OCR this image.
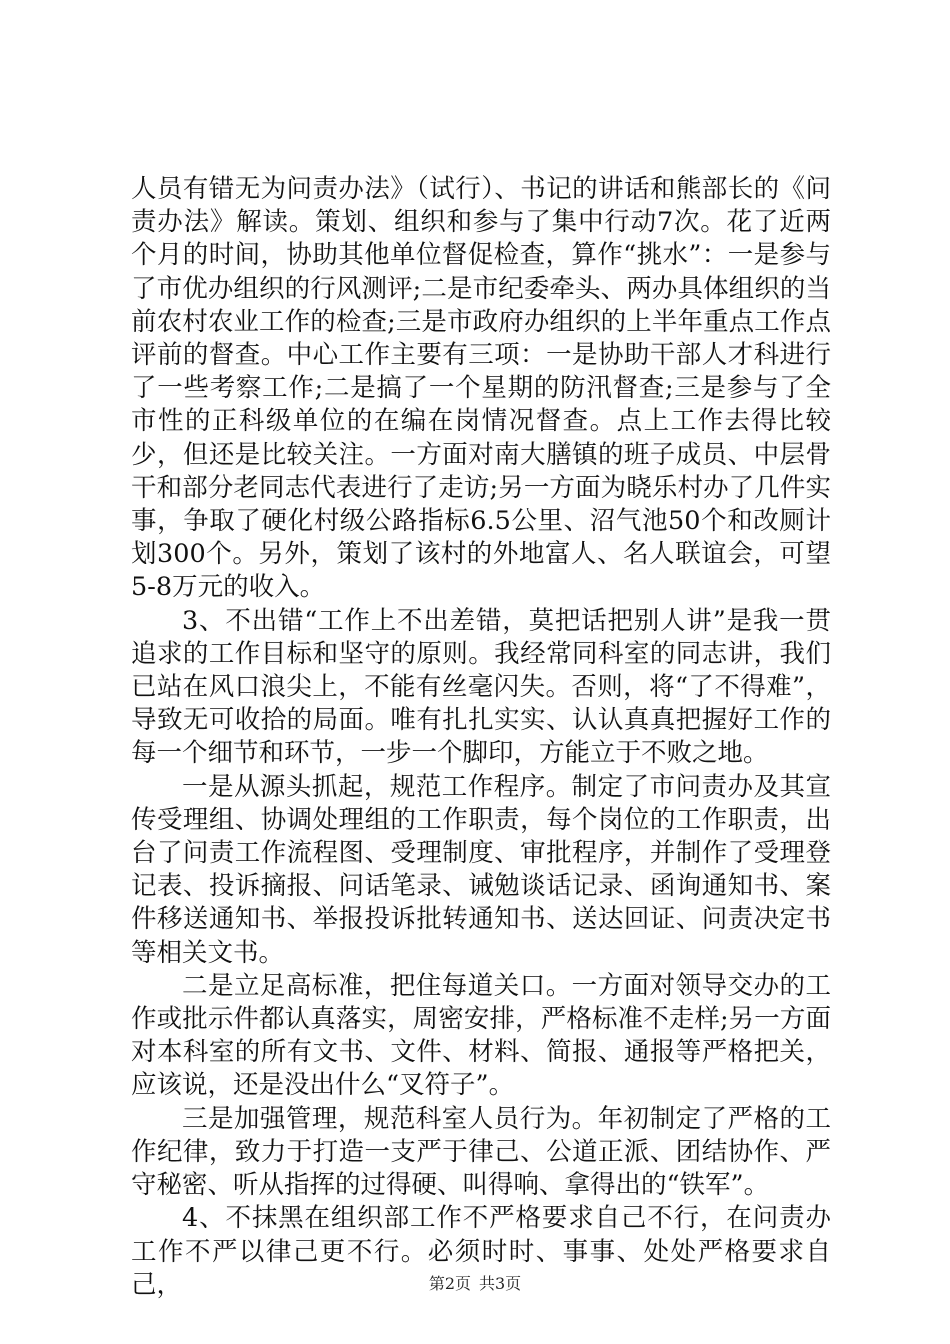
人员有错无为问责办法》（试行）、书记的讲话和熊部长的《问责办法》解读。策划、组织和参与了集中行动7次。花了近两个月的时间，协助其他单位督促检查，算作“挑水”：一是参与了市优办组织的行风测评;二是市纪委牵头、两办具体组织的当前农村农业工作的检查;三是市政府办组织的上半年重点工作点评前的督查。中心工作主要有三项：一是协助干部人才科进行了一些考察工作;二是搞了一个星期的防汛督查;三是参与了全市性的正科级单位的在编在岗情况督查。点上工作去得比较少，但还是比较关注。一方面对南大膳镇的班子成员、中层骨干和部分老同志代表进行了走访;另一方面为晓乐村办了几件实事，争取了硬化村级公路指标6.5公里、沼气池50个和改厕计划300个。另外，策划了该村的外地富人、名人联谊会，可望5-8万元的收入。

3、不出错“工作上不出差错，莫把话把别人讲”是我一贯追求的工作目标和坚守的原则。我经常同科室的同志讲，我们已站在风口浪尖上，不能有丝毫闪失。否则，将“了不得难”，导致无可收拾的局面。唯有扎扎实实、认认真真把握好工作的每一个细节和环节，一步一个脚印，方能立于不败之地。

一是从源头抓起，规范工作程序。制定了市问责办及其宣传受理组、协调处理组的工作职责，每个岗位的工作职责，出台了问责工作流程图、受理制度、审批程序，并制作了受理登记表、投诉摘报、问话笔录、诫勉谈话记录、函询通知书、案件移送通知书、举报投诉批转通知书、送达回证、问责决定书等相关文书。

二是立足高标准，把住每道关口。一方面对领导交办的工作或批示件都认真落实，周密安排，严格标准不走样;另一方面对本科室的所有文书、文件、材料、简报、通报等严格把关，应该说，还是没出什么“叉符子”。

三是加强管理，规范科室人员行为。年初制定了严格的工作纪律，致力于打造一支严于律己、公道正派、团结协作、严守秘密、听从指挥的过得硬、叫得响、拿得出的“铁军”。

4、不抹黑在组织部工作不严格要求自己不行，在问责办工作不严以律己更不行。必须时时、事事、处处严格要求自己，	第2页 共3页
